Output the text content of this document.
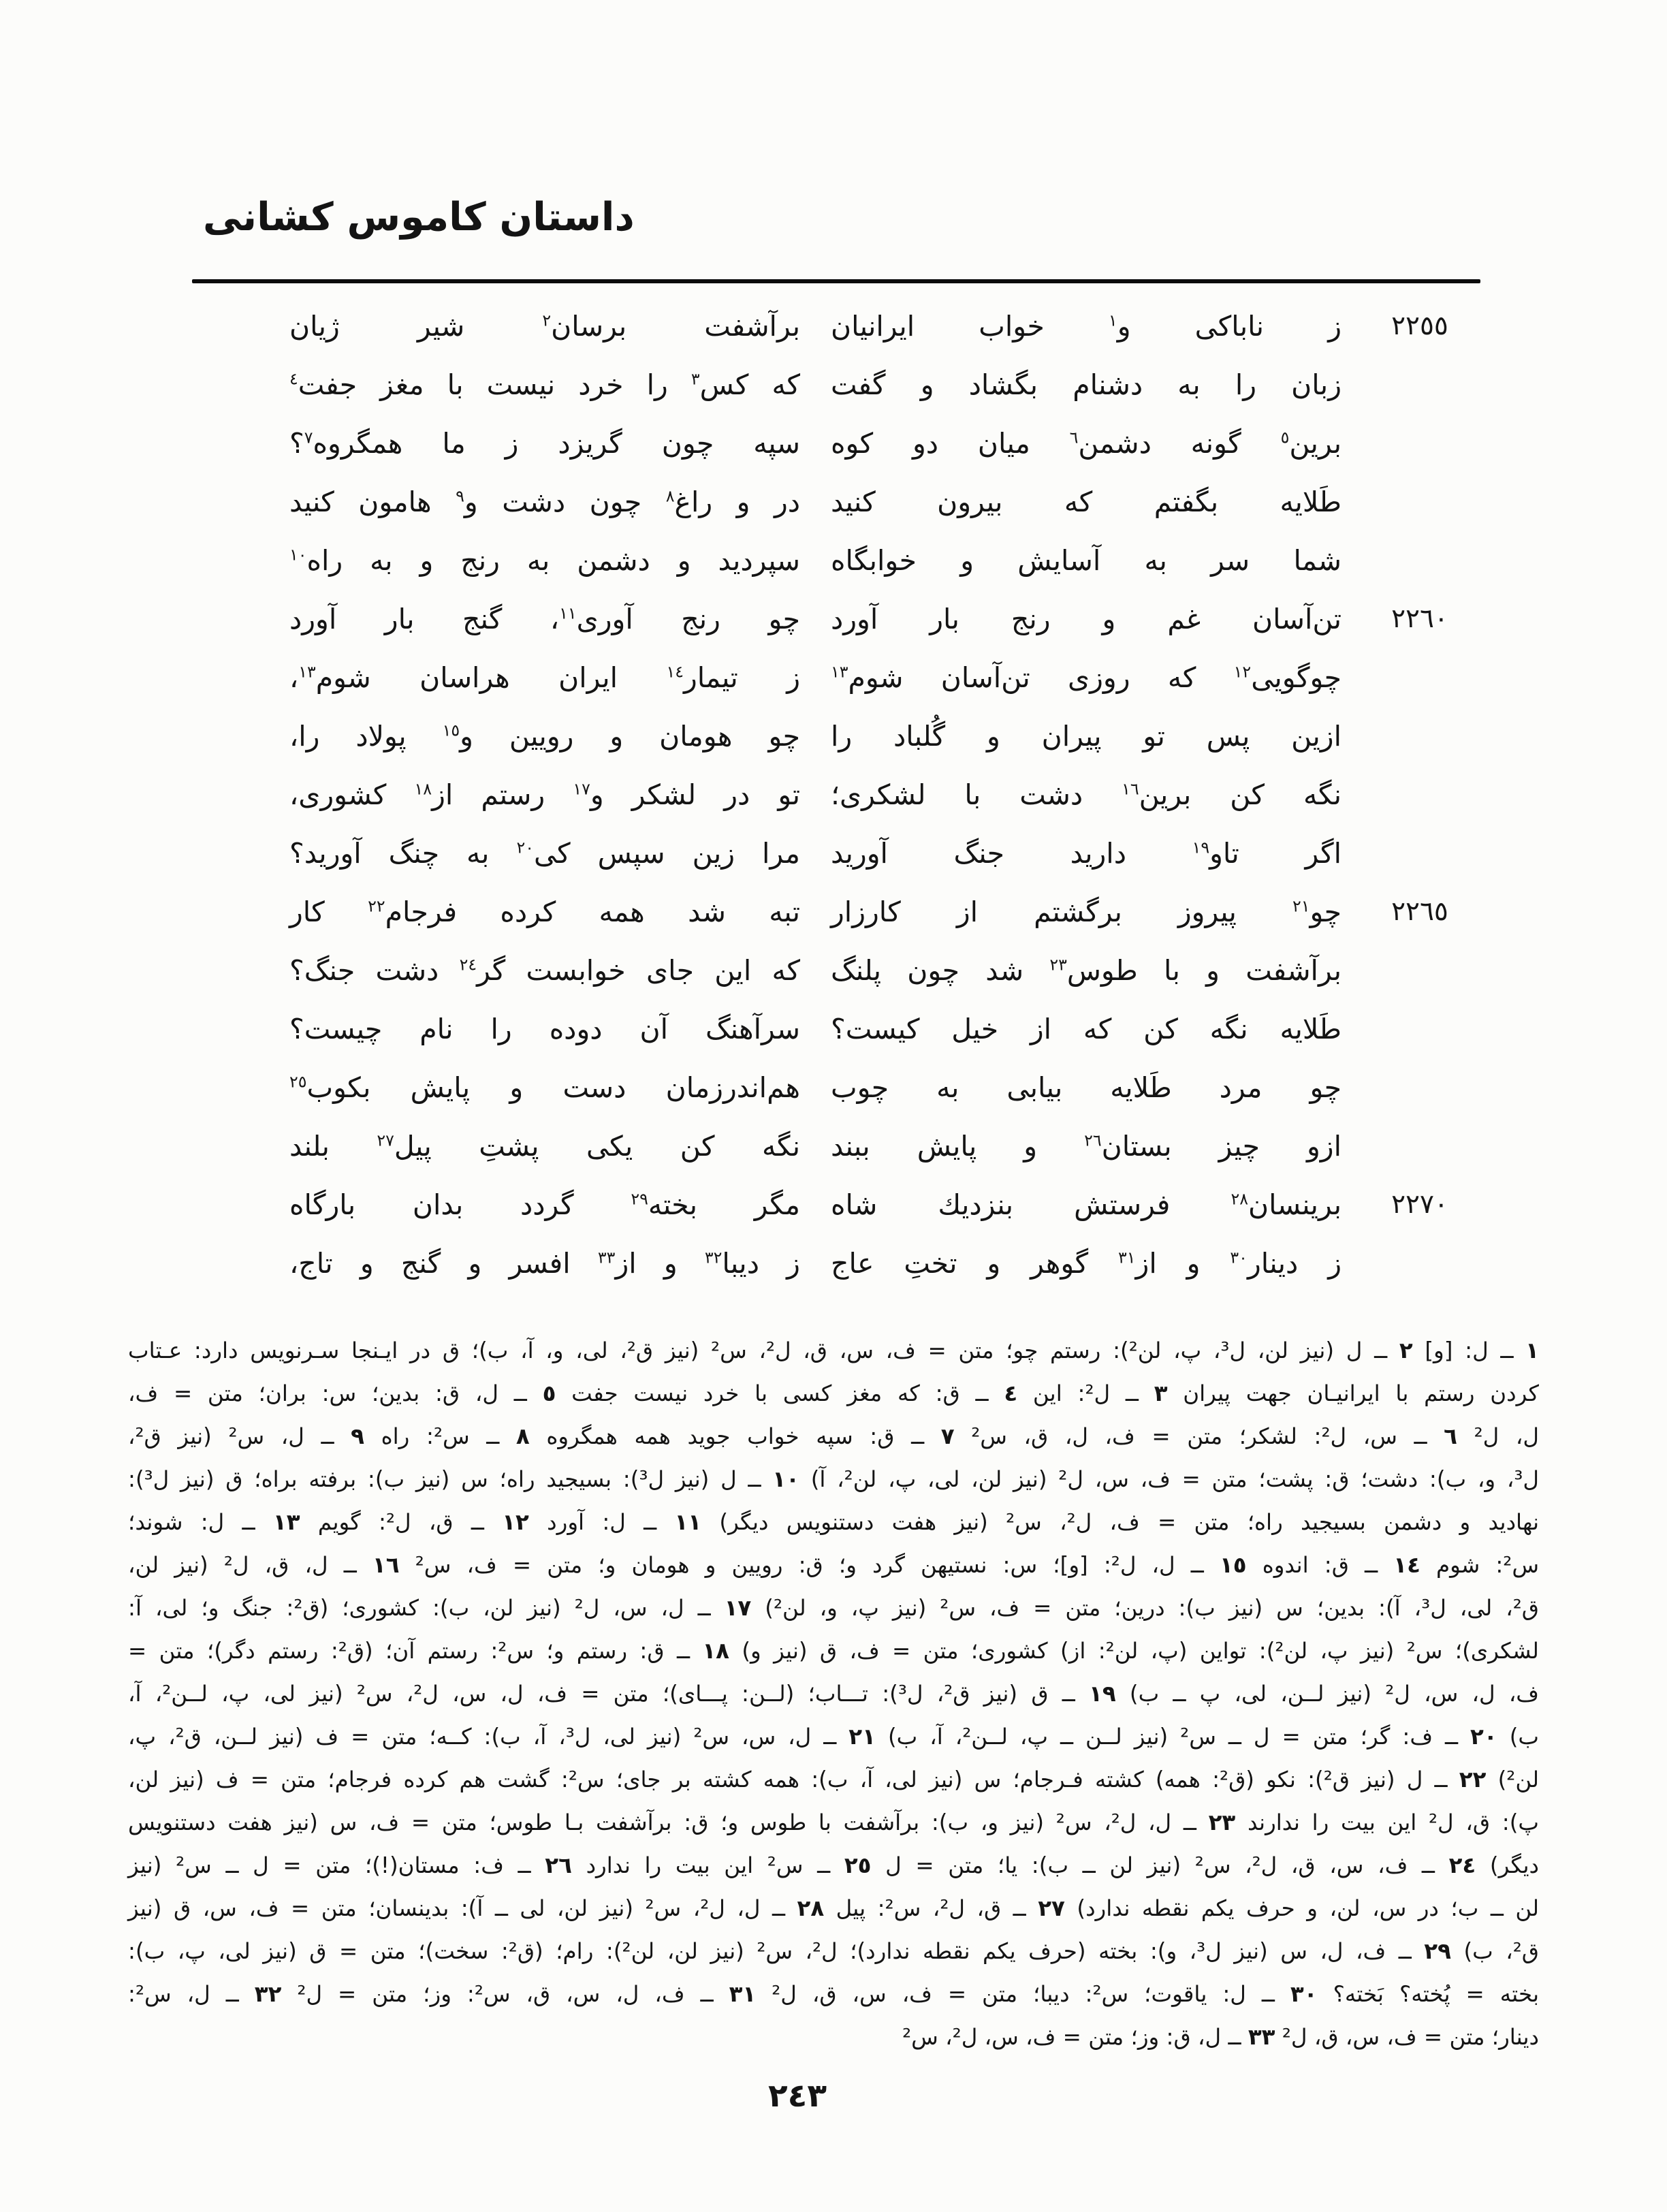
داستان كاموس كشانى
٢٢٥٥
ز ناباكى و$^١$ خواب ايرانيان
برآشفت برسان$^٢$ شير ژيان
زبان را به دشنام بگشاد و گفت
كه كس$^٣$ را خرد نيست با مغز جفت$^٤$
برين$^٥$ گونه دشمن$^٦$ ميان دو كوه
سپه چون گريزد ز ما همگروه$^٧$؟
طَلايه بگفتم كه بيرون كنيد
در و راغ$^٨$ چون دشت و$^٩$ هامون كنيد
شما سر به آسايش و خوابگاه
سپرديد و دشمن به رنج و به راه$^{١٠}$
٢٢٦٠
تن‌آسان غم و رنج بار آورد
چو رنج آورى$^{١١}$، گنج بار آورد
چوگويى$^{١٢}$ كه روزى تن‌آسان شوم$^{١٣}$
ز تيمار$^{١٤}$ ايران هراسان شوم$^{١٣}$،
ازين پس تو پيران و گُلباد را
چو هومان و رويين و$^{١٥}$ پولاد را،
نگه كن برين$^{١٦}$ دشت با لشكرى؛
تو در لشكر و$^{١٧}$ رستم از$^{١٨}$ كشورى،
اگر تاو$^{١٩}$ داريد جنگ آوريد
مرا زين سپس كى$^{٢٠}$ به چنگ آوريد؟
٢٢٦٥
چو$^{٢١}$ پيروز برگشتم از كارزار
تبه شد همه كرده فرجام$^{٢٢}$ كار
برآشفت و با طوس$^{٢٣}$ شد چون پلنگ
كه اين جاى خوابست گر$^{٢٤}$ دشت جنگ؟
طَلايه نگه كن كه از خيل كيست؟
سرآهنگ آن دوده را نام چيست؟
چو مرد طَلايه بيابى به چوب
هم‌اندرزمان دست و پايش بكوب$^{٢٥}$
ازو چيز بستان$^{٢٦}$ و پايش ببند
نگه كن يكى پشتِ پيل$^{٢٧}$ بلند
٢٢٧٠
برينسان$^{٢٨}$ فرستش بنزديك شاه
مگر بخته$^{٢٩}$ گردد بدان بارگاه
ز دينار$^{٣٠}$ و از$^{٣١}$ گوهر و تختِ عاج
ز ديبا$^{٣٢}$ و از$^{٣٣}$ افسر و گنج و تاج،
١ ــ ل: [و] ٢ ــ ل (نيز لن، ل³، پ، لن²): رستم چو؛ متن = ف، س، ق، ل²، س² (نيز ق²، لى، و، آ، ب)؛ ق در ايـنجا سـرنويس دارد: عـتاب
كردن رستم با ايرانيـان جهت پيران ٣ ــ ل²: اين ٤ ــ ق: كه مغز كسى با خرد نيست جفت ٥ ــ ل، ق: بدين؛ س: بران؛ متن = ف،
ل، ل² ٦ ــ س، ل²: لشكر؛ متن = ف، ل، ق، س² ٧ ــ ق: سپه خواب جويد همه همگروه ٨ ــ س²: راه ٩ ــ ل، س² (نيز ق²،
ل³، و، ب): دشت؛ ق: پشت؛ متن = ف، س، ل² (نيز لن، لى، پ، لن²، آ) ١٠ ــ ل (نيز ل³): بسيجيد راه؛ س (نيز ب): برفته براه؛ ق (نيز ل³):
نهاديد و دشمن بسيجيد راه؛ متن = ف، ل²، س² (نيز هفت دستنويس ديگر) ١١ ــ ل: آورد ١٢ ــ ق، ل²: گويم ١٣ ــ ل: شوند؛
س²: شوم ١٤ ــ ق: اندوه ١٥ ــ ل، ل²: [و]؛ س: نستيهن گرد و؛ ق: رويين و هومان و؛ متن = ف، س² ١٦ ــ ل، ق، ل² (نيز لن،
ق²، لى، ل³، آ): بدين؛ س (نيز ب): درين؛ متن = ف، س² (نيز پ، و، لن²) ١٧ ــ ل، س، ل² (نيز لن، ب): كشورى؛ (ق²: جنگ و؛ لى، آ:
لشكرى)؛ س² (نيز پ، لن²): تواين (پ، لن²: از) كشورى؛ متن = ف، ق (نيز و) ١٨ ــ ق: رستم و؛ س²: رستم آن؛ (ق²: رستم دگر)؛ متن =
ف، ل، س، ل² (نيز لــن، لى، پ ــ ب) ١٩ ــ ق (نيز ق²، ل³): تـــاب؛ (لــن: پـــاى)؛ متن = ف، ل، س، ل²، س² (نيز لى، پ، لــن²، آ،
ب) ٢٠ ــ ف: گر؛ متن = ل ــ س² (نيز لــن ــ پ، لــن²، آ، ب) ٢١ ــ ل، س، س² (نيز لى، ل³، آ، ب): كــه؛ متن = ف (نيز لــن، ق²، پ،
لن²) ٢٢ ــ ل (نيز ق²): نكو (ق²: همه) كشته فـرجام؛ س (نيز لى، آ، ب): همه كشته بر جاى؛ س²: گشت هم كرده فرجام؛ متن = ف (نيز لن،
پ): ق، ل² اين بيت را ندارند ٢٣ ــ ل، ل²، س² (نيز و، ب): برآشفت با طوس و؛ ق: برآشفت بـا طوس؛ متن = ف، س (نيز هفت دستنويس
ديگر) ٢٤ ــ ف، س، ق، ل²، س² (نيز لن ــ ب): يا؛ متن = ل ٢٥ ــ س² اين بيت را ندارد ٢٦ ــ ف: مستان(!)؛ متن = ل ــ س² (نيز
لن ــ ب؛ در س، لن، و حرف يكم نقطه ندارد) ٢٧ ــ ق، ل²، س²: پيل ٢٨ ــ ل، ل²، س² (نيز لن، لى ــ آ): بدينسان؛ متن = ف، س، ق (نيز
ق²، ب) ٢٩ ــ ف، ل، س (نيز ل³، و): بخته (حرف يكم نقطه ندارد)؛ ل²، س² (نيز لن، لن²): رام؛ (ق²: سخت)؛ متن = ق (نيز لى، پ، ب):
بخته = پُخته؟ بَخته؟ ٣٠ ــ ل: ياقوت؛ س²: ديبا؛ متن = ف، س، ق، ل² ٣١ ــ ف، ل، س، ق، س²: وز؛ متن = ل² ٣٢ ــ ل، س²:
دينار؛ متن = ف، س، ق، ل² ٣٣ ــ ل، ق: وز؛ متن = ف، س، ل²، س²
٢٤٣
